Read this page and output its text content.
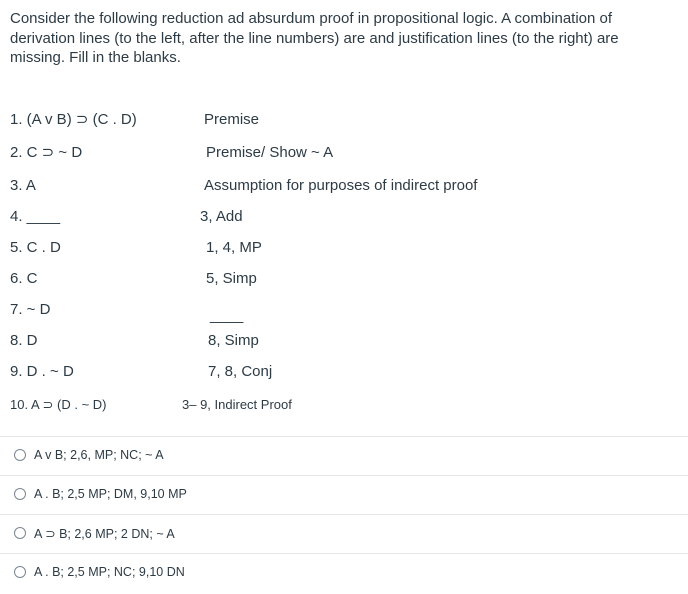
Consider the following reduction ad absurdum proof in propositional logic. A combination of derivation lines (to the left, after the line numbers) are and justification lines (to the right) are missing. Fill in the blanks.
1. (A v B) ⊃ (C . D)
2. C ⊃ ~ D
3. A
4. ____
5. C . D
6. C
7. ~ D
8. D
9. D . ~ D
10. A ⊃ (D . ~ D)
Premise
Premise/ Show ~ A
Assumption for purposes of indirect proof
3, Add
1, 4, MP
5, Simp
____
8, Simp
7, 8, Conj
3– 9, Indirect Proof
A v B; 2,6, MP; NC; ~ A
A . B; 2,5 MP; DM, 9,10 MP
A ⊃ B; 2,6 MP; 2 DN; ~ A
A . B; 2,5 MP; NC; 9,10 DN
